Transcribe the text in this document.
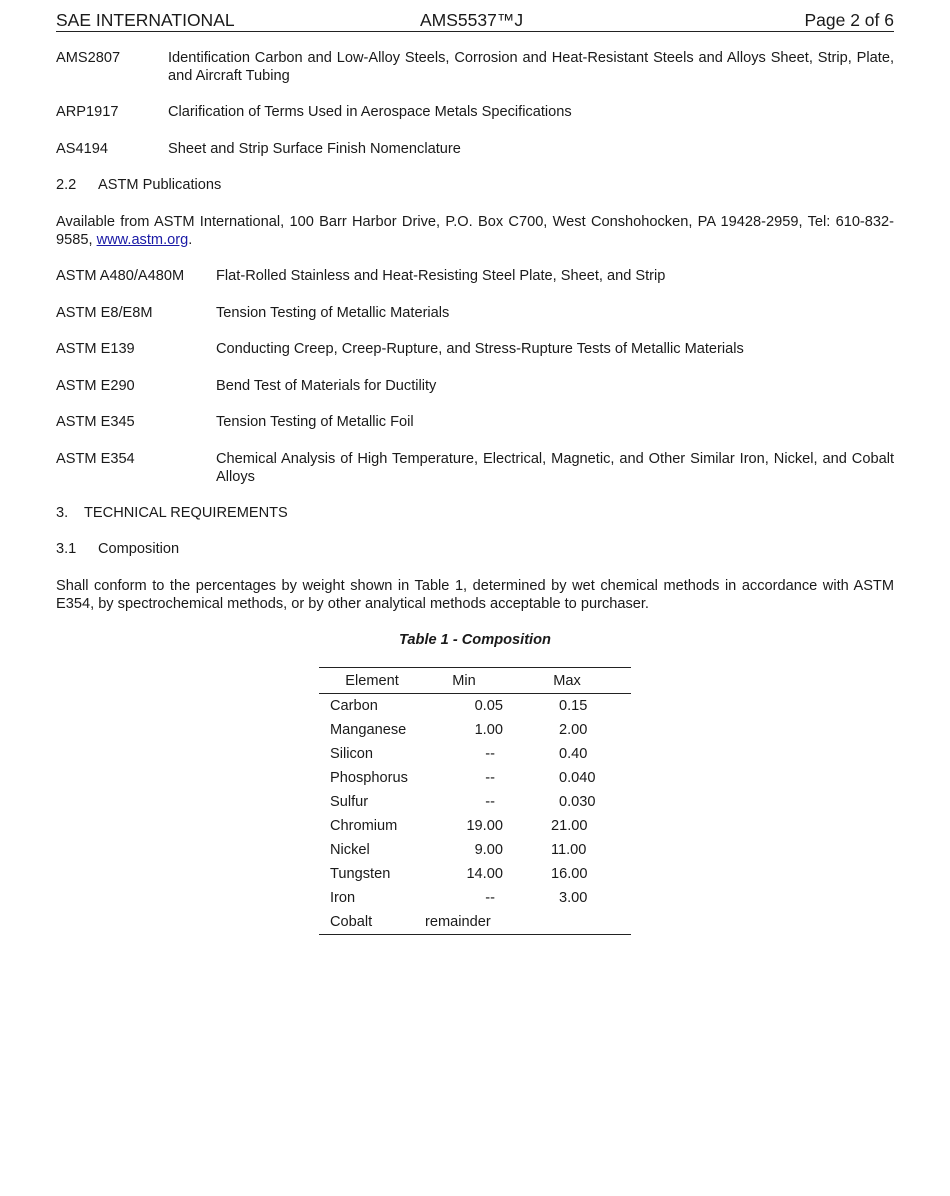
SAE INTERNATIONAL	AMS5537™J	Page 2 of 6
AMS2807	Identification Carbon and Low-Alloy Steels, Corrosion and Heat-Resistant Steels and Alloys Sheet, Strip, Plate, and Aircraft Tubing
ARP1917	Clarification of Terms Used in Aerospace Metals Specifications
AS4194	Sheet and Strip Surface Finish Nomenclature
2.2 ASTM Publications
Available from ASTM International, 100 Barr Harbor Drive, P.O. Box C700, West Conshohocken, PA 19428-2959, Tel: 610-832-9585, www.astm.org.
ASTM A480/A480M Flat-Rolled Stainless and Heat-Resisting Steel Plate, Sheet, and Strip
ASTM E8/E8M	Tension Testing of Metallic Materials
ASTM E139	Conducting Creep, Creep-Rupture, and Stress-Rupture Tests of Metallic Materials
ASTM E290	Bend Test of Materials for Ductility
ASTM E345	Tension Testing of Metallic Foil
ASTM E354	Chemical Analysis of High Temperature, Electrical, Magnetic, and Other Similar Iron, Nickel, and Cobalt Alloys
3. TECHNICAL REQUIREMENTS
3.1 Composition
Shall conform to the percentages by weight shown in Table 1, determined by wet chemical methods in accordance with ASTM E354, by spectrochemical methods, or by other analytical methods acceptable to purchaser.
Table 1 - Composition
Element	Min	Max
Carbon	0.05	0.15
Manganese	1.00	2.00
Silicon	--	0.40
Phosphorus	--	0.040
Sulfur	--	0.030
Chromium	19.00	21.00
Nickel	9.00	11.00
Tungsten	14.00	16.00
Iron	--	3.00
Cobalt	remainder	
